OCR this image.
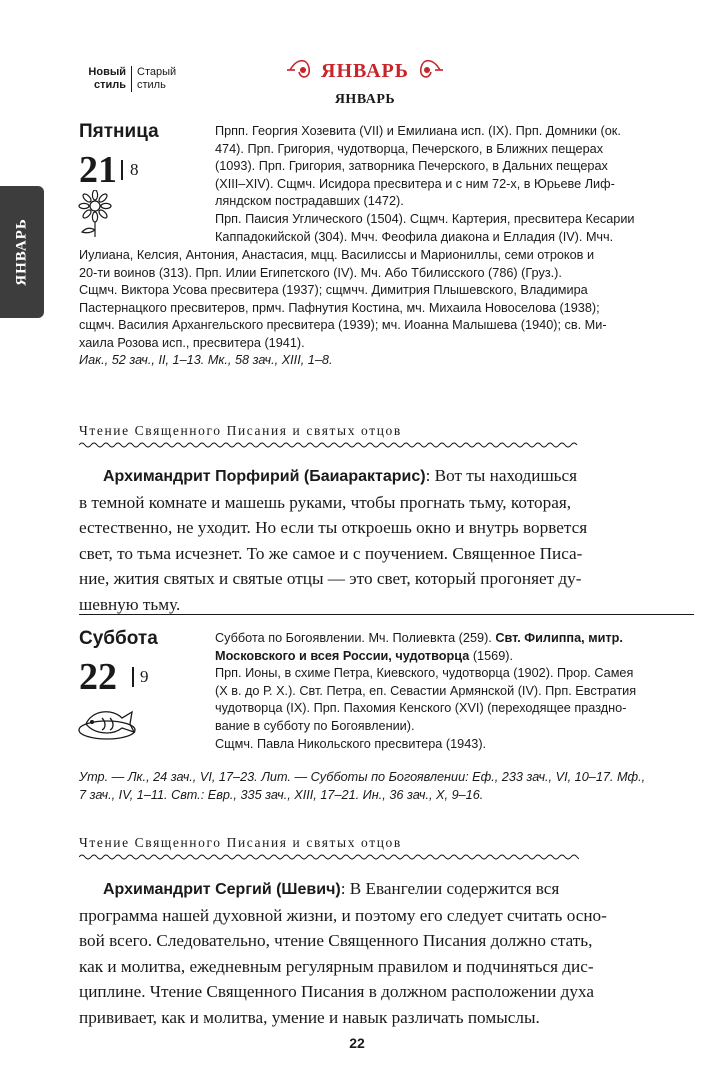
Новый
стиль
Старый
стиль
ЯНВАРЬ
ЯНВАРЬ
ЯНВАРЬ
Пятница
21 8
Прпп. Георгия Хозевита (VII) и Емилиана исп. (IX). Прп. Домники (ок.
474). Прп. Григория, чудотворца, Печерского, в Ближних пещерах
(1093). Прп. Григория, затворника Печерского, в Дальних пещерах
(XIII–XIV). Сщмч. Исидора пресвитера и с ним 72-х, в Юрьеве Лиф-
ляндском пострадавших (1472).
Прп. Паисия Углического (1504). Сщмч. Картерия, пресвитера Кесарии
Каппадокийской (304). Мчч. Феофила диакона и Елладия (IV). Мчч.
Иулиана, Келсия, Антония, Анастасия, мцц. Василиссы и Мариониллы, семи отроков и
20-ти воинов (313). Прп. Илии Египетского (IV). Мч. Або Тбилисского (786) (Груз.).
Сщмч. Виктора Усова пресвитера (1937); сщмчч. Димитрия Плышевского, Владимира
Пастернацкого пресвитеров, прмч. Пафнутия Костина, мч. Михаила Новоселова (1938);
сщмч. Василия Архангельского пресвитера (1939); мч. Иоанна Малышева (1940); св. Ми-
хаила Розова исп., пресвитера (1941).
Иак., 52 зач., II, 1–13. Мк., 58 зач., XIII, 1–8.
Чтение Священного Писания и святых отцов
Архимандрит Порфирий (Баиарактарис): Вот ты находишься
в темной комнате и машешь руками, чтобы прогнать тьму, которая,
естественно, не уходит. Но если ты откроешь окно и внутрь ворвется
свет, то тьма исчезнет. То же самое и с поучением. Священное Писа-
ние, жития святых и святые отцы — это свет, который прогоняет ду-
шевную тьму.
Суббота
22 9
Суббота по Богоявлении. Мч. Полиевкта (259). Свт. Филиппа, митр.
Московского и всея России, чудотворца (1569).
Прп. Ионы, в схиме Петра, Киевского, чудотворца (1902). Прор. Самея
(Х в. до Р. Х.). Свт. Петра, еп. Севастии Армянской (IV). Прп. Евстратия
чудотворца (IX). Прп. Пахомия Кенского (XVI) (переходящее праздно-
вание в субботу по Богоявлении).
Сщмч. Павла Никольского пресвитера (1943).
Утр. — Лк., 24 зач., VI, 17–23. Лит. — Субботы по Богоявлении: Еф., 233 зач., VI, 10–17. Мф.,
7 зач., IV, 1–11. Свт.: Евр., 335 зач., XIII, 17–21. Ин., 36 зач., X, 9–16.
Чтение Священного Писания и святых отцов
Архимандрит Сергий (Шевич): В Евангелии содержится вся
программа нашей духовной жизни, и поэтому его следует считать осно-
вой всего. Следовательно, чтение Священного Писания должно стать,
как и молитва, ежедневным регулярным правилом и подчиняться дис-
циплине. Чтение Священного Писания в должном расположении духа
прививает, как и молитва, умение и навык различать помыслы.
22
